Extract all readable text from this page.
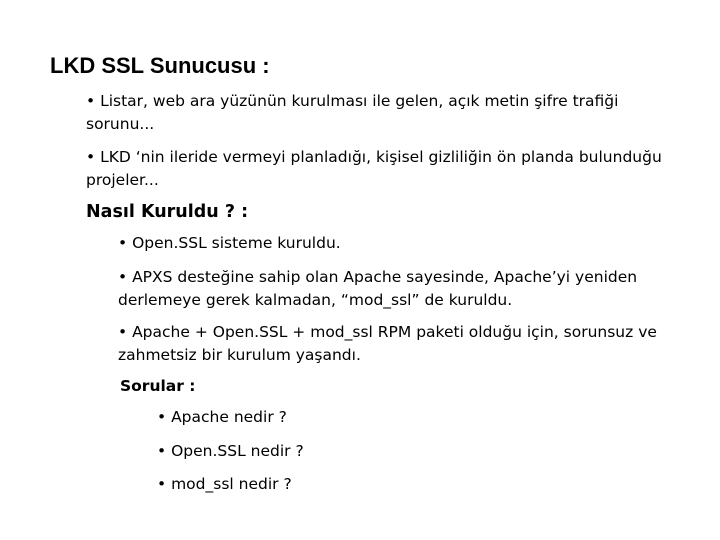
LKD SSL Sunucusu :

• Listar, web ara yüzünün kurulması ile gelen, açık metin şifre trafiği sorunu...

• LKD ‘nin ileride vermeyi planladığı, kişisel gizliliğin ön planda bulunduğu projeler...

Nasıl Kuruldu ? :

• Open.SSL sisteme kuruldu.

• APXS desteğine sahip olan Apache sayesinde, Apache’yi yeniden derlemeye gerek kalmadan, “mod_ssl” de kuruldu.

• Apache + Open.SSL + mod_ssl RPM paketi olduğu için, sorunsuz ve zahmetsiz bir kurulum yaşandı.

Sorular :

• Apache nedir ?

• Open.SSL nedir ?

• mod_ssl nedir ?
